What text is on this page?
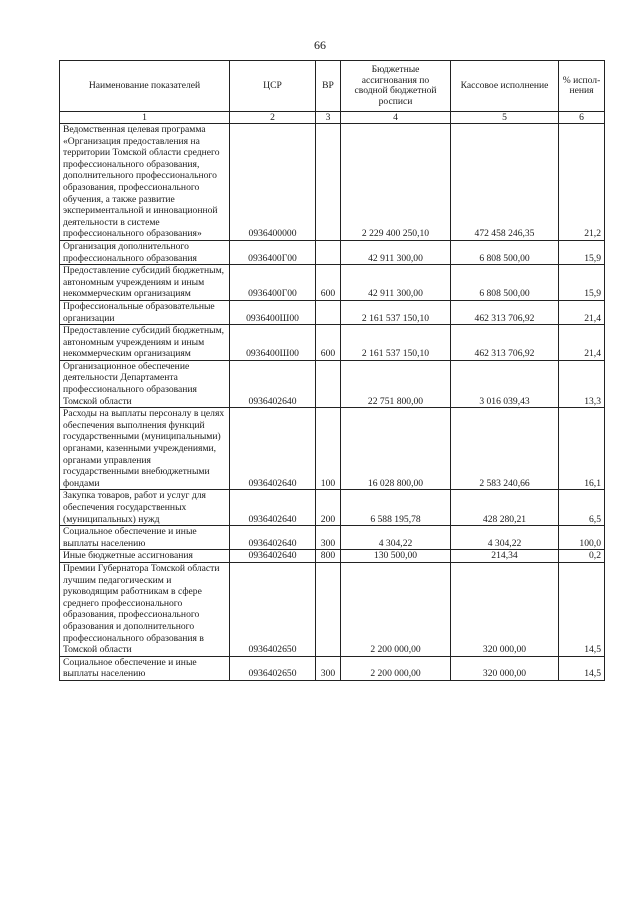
66
Наименование показателей	ЦСР	ВР	Бюджетные ассигнования по сводной бюджетной росписи	Кассовое исполнение	% испол-нения
1	2	3	4	5	6
Ведомственная целевая программа «Организация предоставления на территории Томской области среднего профессионального образования, дополнительного профессионального образования, профессионального обучения, а также развитие экспериментальной и инновационной деятельности в системе профессионального образования»	0936400000		2 229 400 250,10	472 458 246,35	21,2
Организация дополнительного профессионального образования	0936400Г00		42 911 300,00	6 808 500,00	15,9
Предоставление субсидий бюджетным, автономным учреждениям и иным некоммерческим организациям	0936400Г00	600	42 911 300,00	6 808 500,00	15,9
Профессиональные образовательные организации	0936400Ш00		2 161 537 150,10	462 313 706,92	21,4
Предоставление субсидий бюджетным, автономным учреждениям и иным некоммерческим организациям	0936400Ш00	600	2 161 537 150,10	462 313 706,92	21,4
Организационное обеспечение деятельности Департамента профессионального образования Томской области	0936402640		22 751 800,00	3 016 039,43	13,3
Расходы на выплаты персоналу в целях обеспечения выполнения функций государственными (муниципальными) органами, казенными учреждениями, органами управления государственными внебюджетными фондами	0936402640	100	16 028 800,00	2 583 240,66	16,1
Закупка товаров, работ и услуг для обеспечения государственных (муниципальных) нужд	0936402640	200	6 588 195,78	428 280,21	6,5
Социальное обеспечение и иные выплаты населению	0936402640	300	4 304,22	4 304,22	100,0
Иные бюджетные ассигнования	0936402640	800	130 500,00	214,34	0,2
Премии Губернатора Томской области лучшим педагогическим и руководящим работникам в сфере среднего профессионального образования, профессионального образования и дополнительного профессионального образования в Томской области	0936402650		2 200 000,00	320 000,00	14,5
Социальное обеспечение и иные выплаты населению	0936402650	300	2 200 000,00	320 000,00	14,5
